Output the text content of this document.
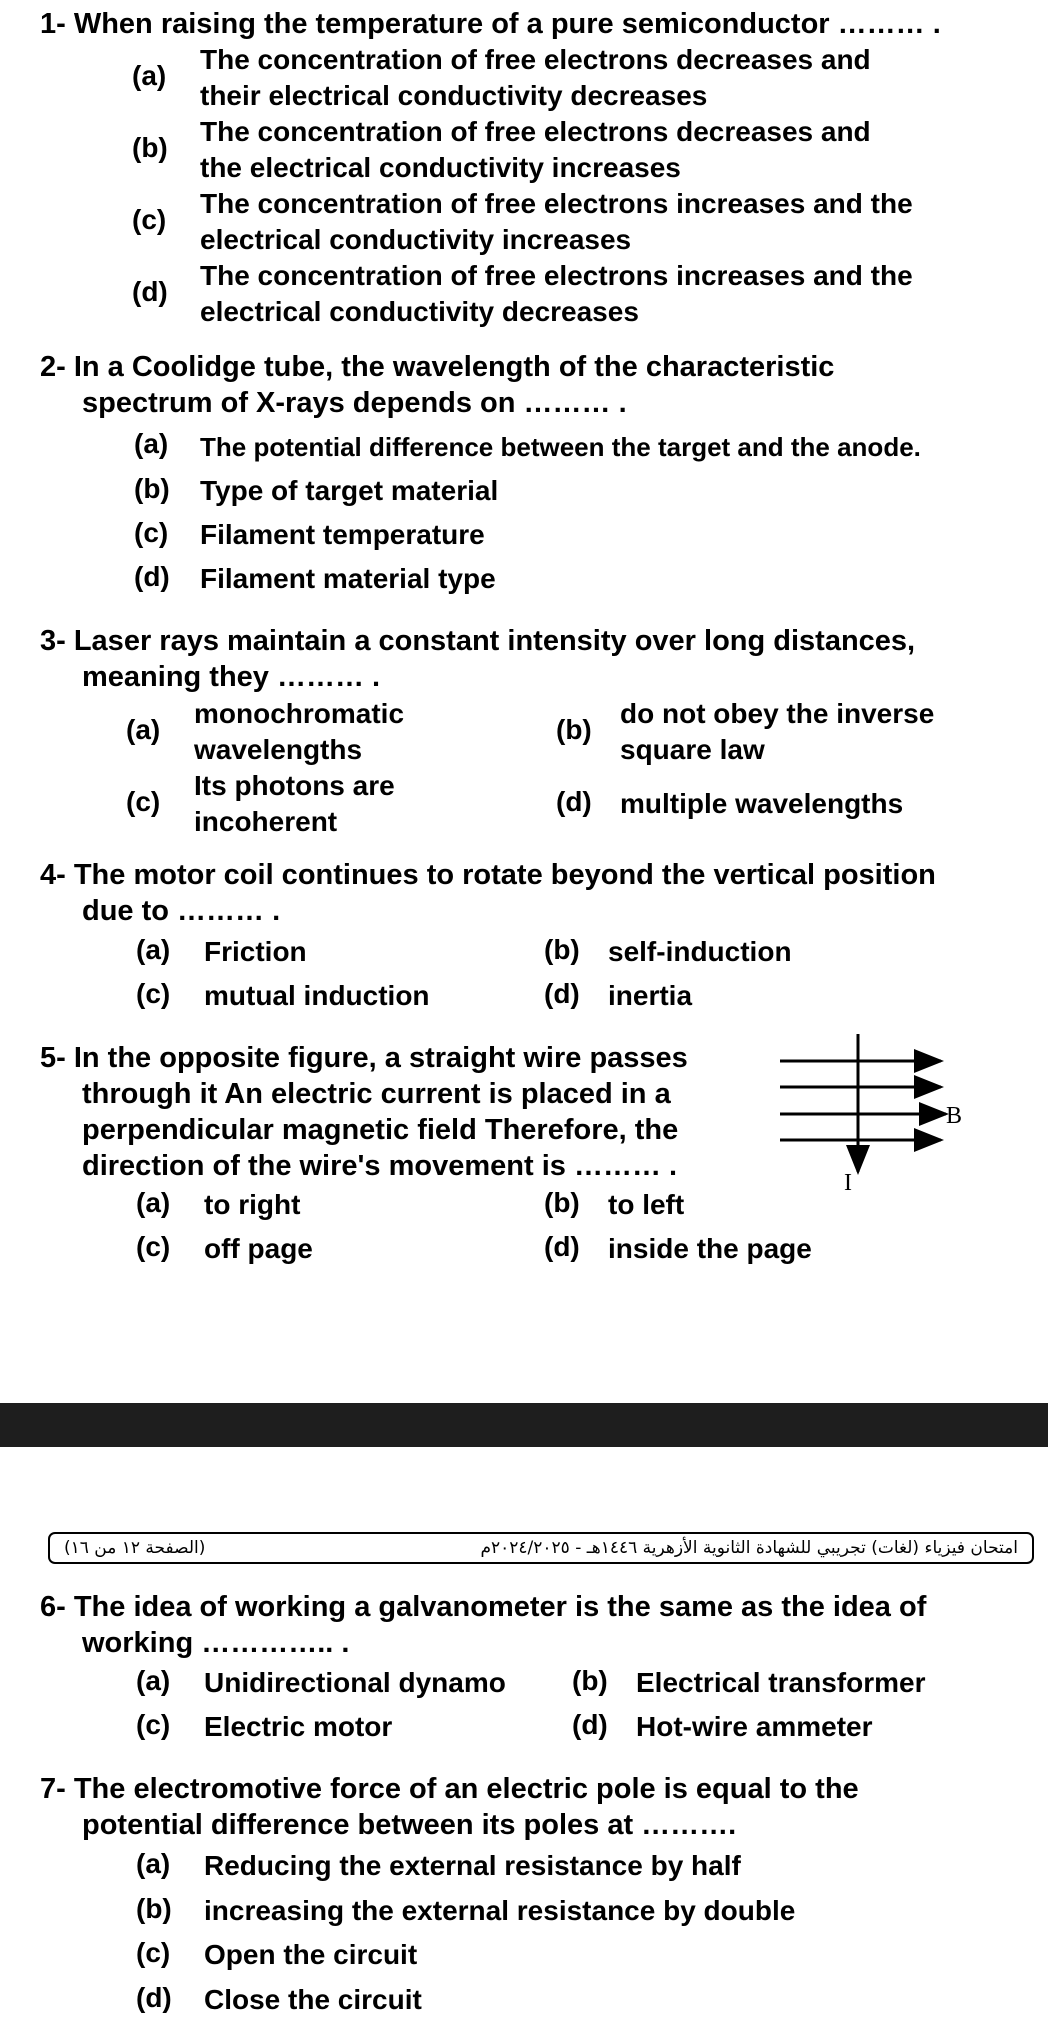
1- When raising the temperature of a pure semiconductor ……… .
(a)
The concentration of free electrons decreases and
their electrical conductivity decreases
(b)
The concentration of free electrons decreases and
the electrical conductivity increases
(c)
The concentration of free electrons increases and the
electrical conductivity increases
(d)
The concentration of free electrons increases and the
electrical conductivity decreases
2- In a Coolidge tube, the wavelength of the characteristic
spectrum of X-rays depends on ……… .
(a) The potential difference between the target and the anode.
(b) Type of target material
(c) Filament temperature
(d) Filament material type
3- Laser rays maintain a constant intensity over long distances,
meaning they ……… .
(a)
monochromatic
wavelengths
(b)
do not obey the inverse
square law
(c)
Its photons are
incoherent
(d) multiple wavelengths
4- The motor coil continues to rotate beyond the vertical position
due to ……… .
(a) Friction	(b) self-induction
(c) mutual induction	(d) inertia
5- In the opposite figure, a straight wire passes
through it An electric current is placed in a
perpendicular magnetic field Therefore, the
direction of the wire's movement is ……… .
B
I
(a) to right	(b) to left
(c) off page	(d) inside the page
امتحان فيزياء (لغات) تجريبي للشهادة الثانوية الأزهرية ١٤٤٦هـ - ٢٠٢٤/٢٠٢٥م
(الصفحة ١٢ من ١٦)
6- The idea of working a galvanometer is the same as the idea of
working ………….. .
(a) Unidirectional dynamo (b) Electrical transformer
(c) Electric motor	(d) Hot-wire ammeter
7- The electromotive force of an electric pole is equal to the
potential difference between its poles at ……….
(a) Reducing the external resistance by half
(b) increasing the external resistance by double
(c) Open the circuit
(d) Close the circuit
